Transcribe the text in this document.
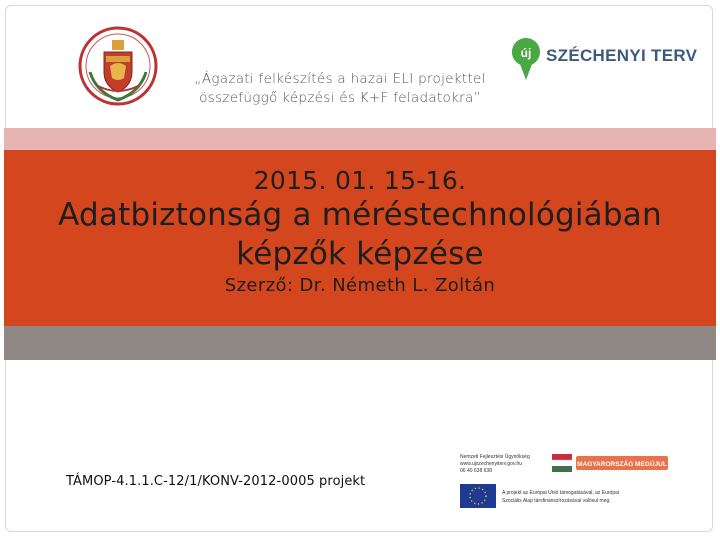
„Ágazati felkészítés a hazai ELI projekttel
összefüggő képzési és K+F feladatokra”
új SZÉCHENYI TERV
2015. 01. 15-16.
Adatbiztonság a méréstechnológiában
képzők képzése
Szerző: Dr. Németh L. Zoltán
TÁMOP-4.1.1.C-12/1/KONV-2012-0005 projekt
Nemzeti Fejlesztési Ügynökség
www.ujszechenyiterv.gov.hu
06 40 638 638
MAGYARORSZÁG MEGÚJUL
A projekt az Európai Unió támogatásával, az Európai
Szociális Alap társfinanszírozásával valósul meg.
